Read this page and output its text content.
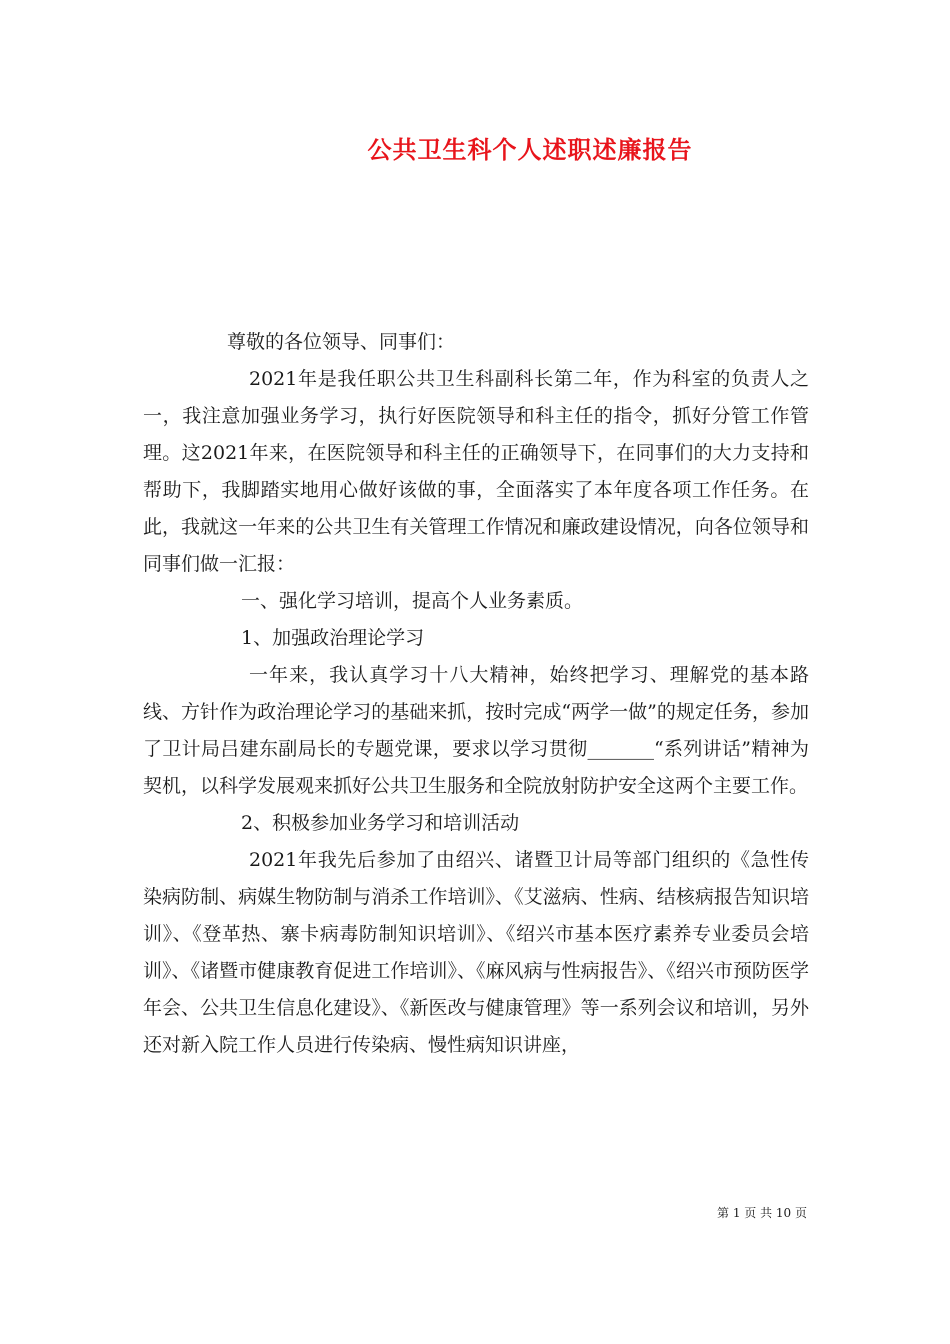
公共卫生科个人述职述廉报告

尊敬的各位领导、同事们：

2021年是我任职公共卫生科副科长第二年，作为科室的负责人之一，我注意加强业务学习，执行好医院领导和科主任的指令，抓好分管工作管理。这2021年来，在医院领导和科主任的正确领导下，在同事们的大力支持和帮助下，我脚踏实地用心做好该做的事，全面落实了本年度各项工作任务。在此，我就这一年来的公共卫生有关管理工作情况和廉政建设情况，向各位领导和同事们做一汇报：

一、强化学习培训，提高个人业务素质。

1、加强政治理论学习

一年来，我认真学习十八大精神，始终把学习、理解党的基本路线、方针作为政治理论学习的基础来抓，按时完成“两学一做”的规定任务，参加了卫计局吕建东副局长的专题党课，要求以学习贯彻_______“系列讲话”精神为契机，以科学发展观来抓好公共卫生服务和全院放射防护安全这两个主要工作。

2、积极参加业务学习和培训活动

2021年我先后参加了由绍兴、诸暨卫计局等部门组织的《急性传染病防制、病媒生物防制与消杀工作培训》、《艾滋病、性病、结核病报告知识培训》、《登革热、寨卡病毒防制知识培训》、《绍兴市基本医疗素养专业委员会培训》、《诸暨市健康教育促进工作培训》、《麻风病与性病报告》、《绍兴市预防医学年会、公共卫生信息化建设》、《新医改与健康管理》等一系列会议和培训，另外还对新入院工作人员进行传染病、慢性病知识讲座，

第 1 页 共 10 页
